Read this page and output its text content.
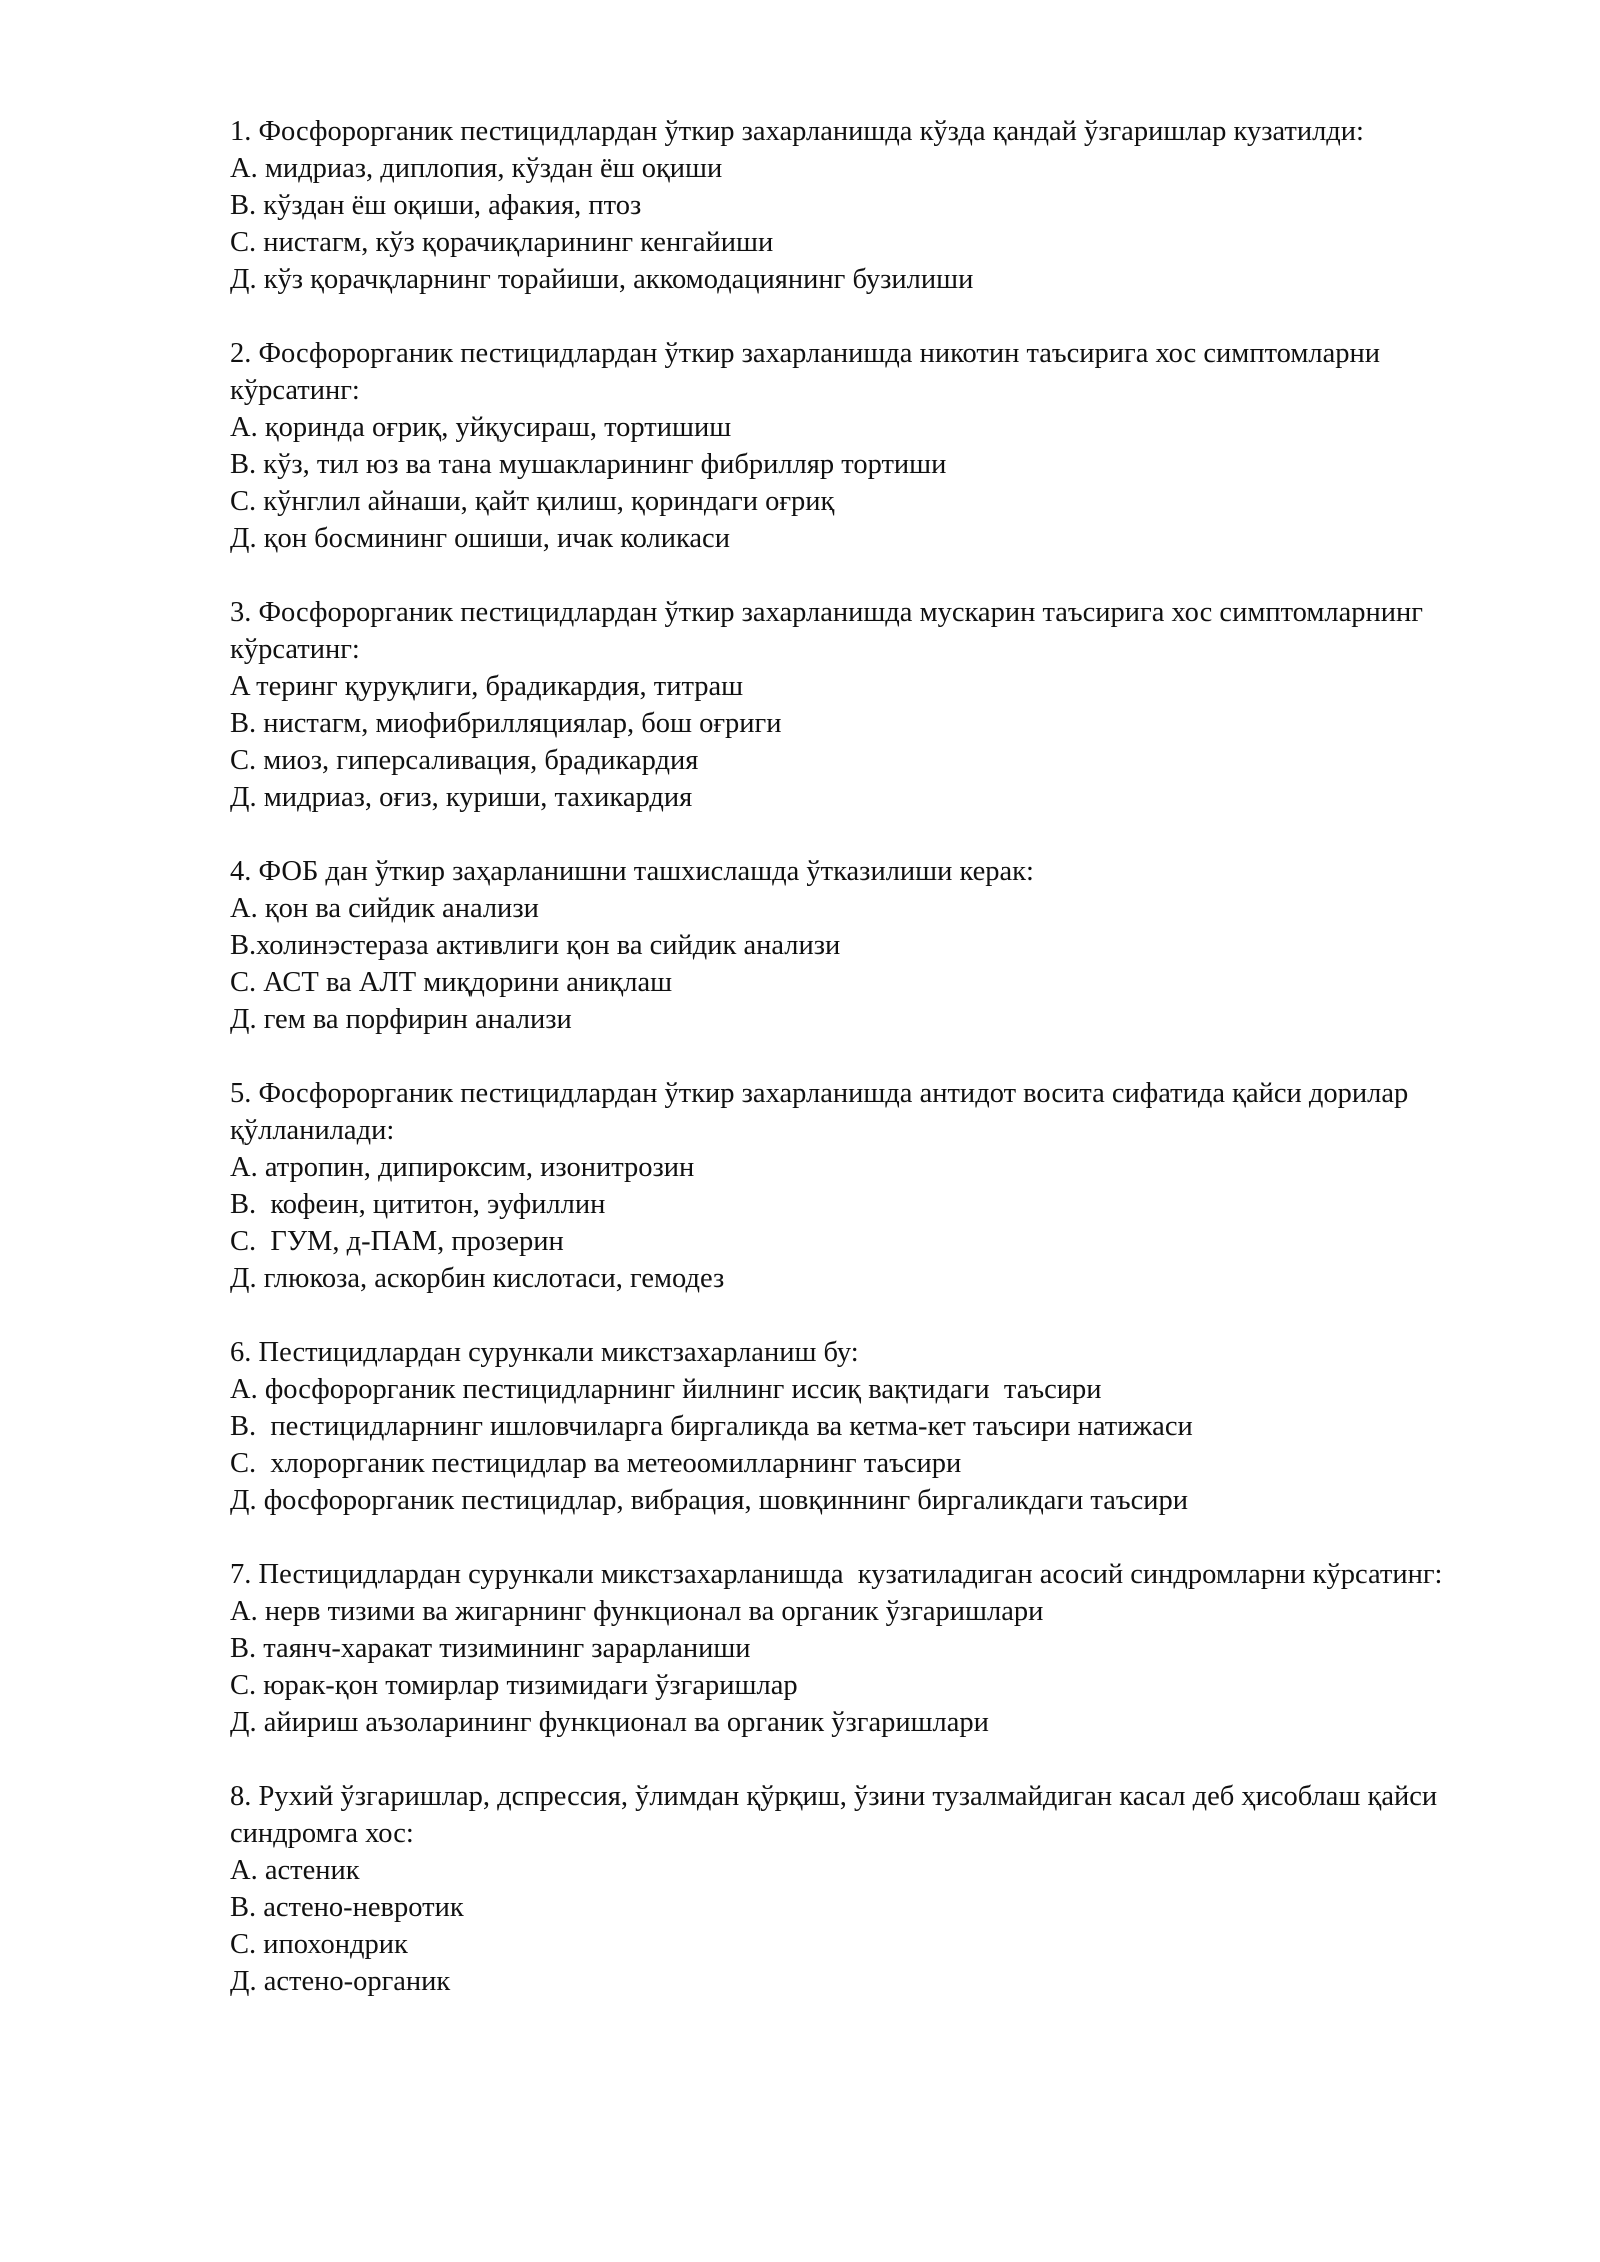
1. Фосфорорганик пестицидлардан ўткир захарланишда кўзда қандай ўзгаришлар кузатилди:
A. мидриаз, диплопия, кўздан ёш оқиши
B. кўздан ёш оқиши, афакия, птоз
C. нистагм, кўз қорачиқларининг кенгайиши
Д. кўз қорачқларнинг торайиши, аккомодациянинг бузилиши
2. Фосфорорганик пестицидлардан ўткир захарланишда никотин таъсирига хос симптомларни кўрсатинг:
A. қоринда оғриқ, уйқусираш, тортишиш
B. кўз, тил юз ва тана мушакларининг фибрилляр тортиши
C. кўнглил айнаши, қайт қилиш, қориндаги оғриқ
Д. қон босмининг ошиши, ичак коликаси
3. Фосфорорганик пестицидлардан ўткир захарланишда мускарин таъсирига хос симптомларнинг кўрсатинг:
A теринг қуруқлиги, брадикардия, титраш
B. нистагм, миофибрилляциялар, бош оғриги
C. миоз, гиперсаливация, брадикардия
Д. мидриаз, оғиз, куриши, тахикардия
4. ФОБ дан ўткир заҳарланишни ташхислашда ўтказилиши керак:
A. қон ва сийдик анализи
B.холинэстераза активлиги қон ва сийдик анализи
C. АСТ ва АЛТ миқдорини аниқлаш
Д. гем ва порфирин анализи
5. Фосфорорганик пестицидлардан ўткир захарланишда антидот восита сифатида қайси дорилар қўлланилади:
A. атропин, дипироксим, изонитрозин
B.  кофеин, цититон, эуфиллин
C.  ГУМ, д-ПАМ, прозерин
Д. глюкоза, аскорбин кислотаси, гемодез
6. Пестицидлардан сурункали микстзахарланиш бу:
A. фосфорорганик пестицидларнинг йилнинг иссиқ вақтидаги  таъсири
B.  пестицидларнинг ишловчиларга биргаликда ва кетма-кет таъсири натижаси
C.  хлорорганик пестицидлар ва метеоомилларнинг таъсири
Д. фосфорорганик пестицидлар, вибрация, шовқиннинг биргаликдаги таъсири
7. Пестицидлардан сурункали микстзахарланишда  кузатиладиган асосий синдромларни кўрсатинг:
A. нерв тизими ва жигарнинг функционал ва органик ўзгаришлари
B. таянч-харакат тизимининг зарарланиши
C. юрак-қон томирлар тизимидаги ўзгаришлар
Д. айириш аъзоларининг функционал ва органик ўзгаришлари
8. Рухий ўзгаришлар, дспрессия, ўлимдан қўрқиш, ўзини тузалмайдиган касал деб ҳисоблаш қайси синдромга хос:
A. астеник
B. астено-невротик
C. ипохондрик
Д. астено-органик
